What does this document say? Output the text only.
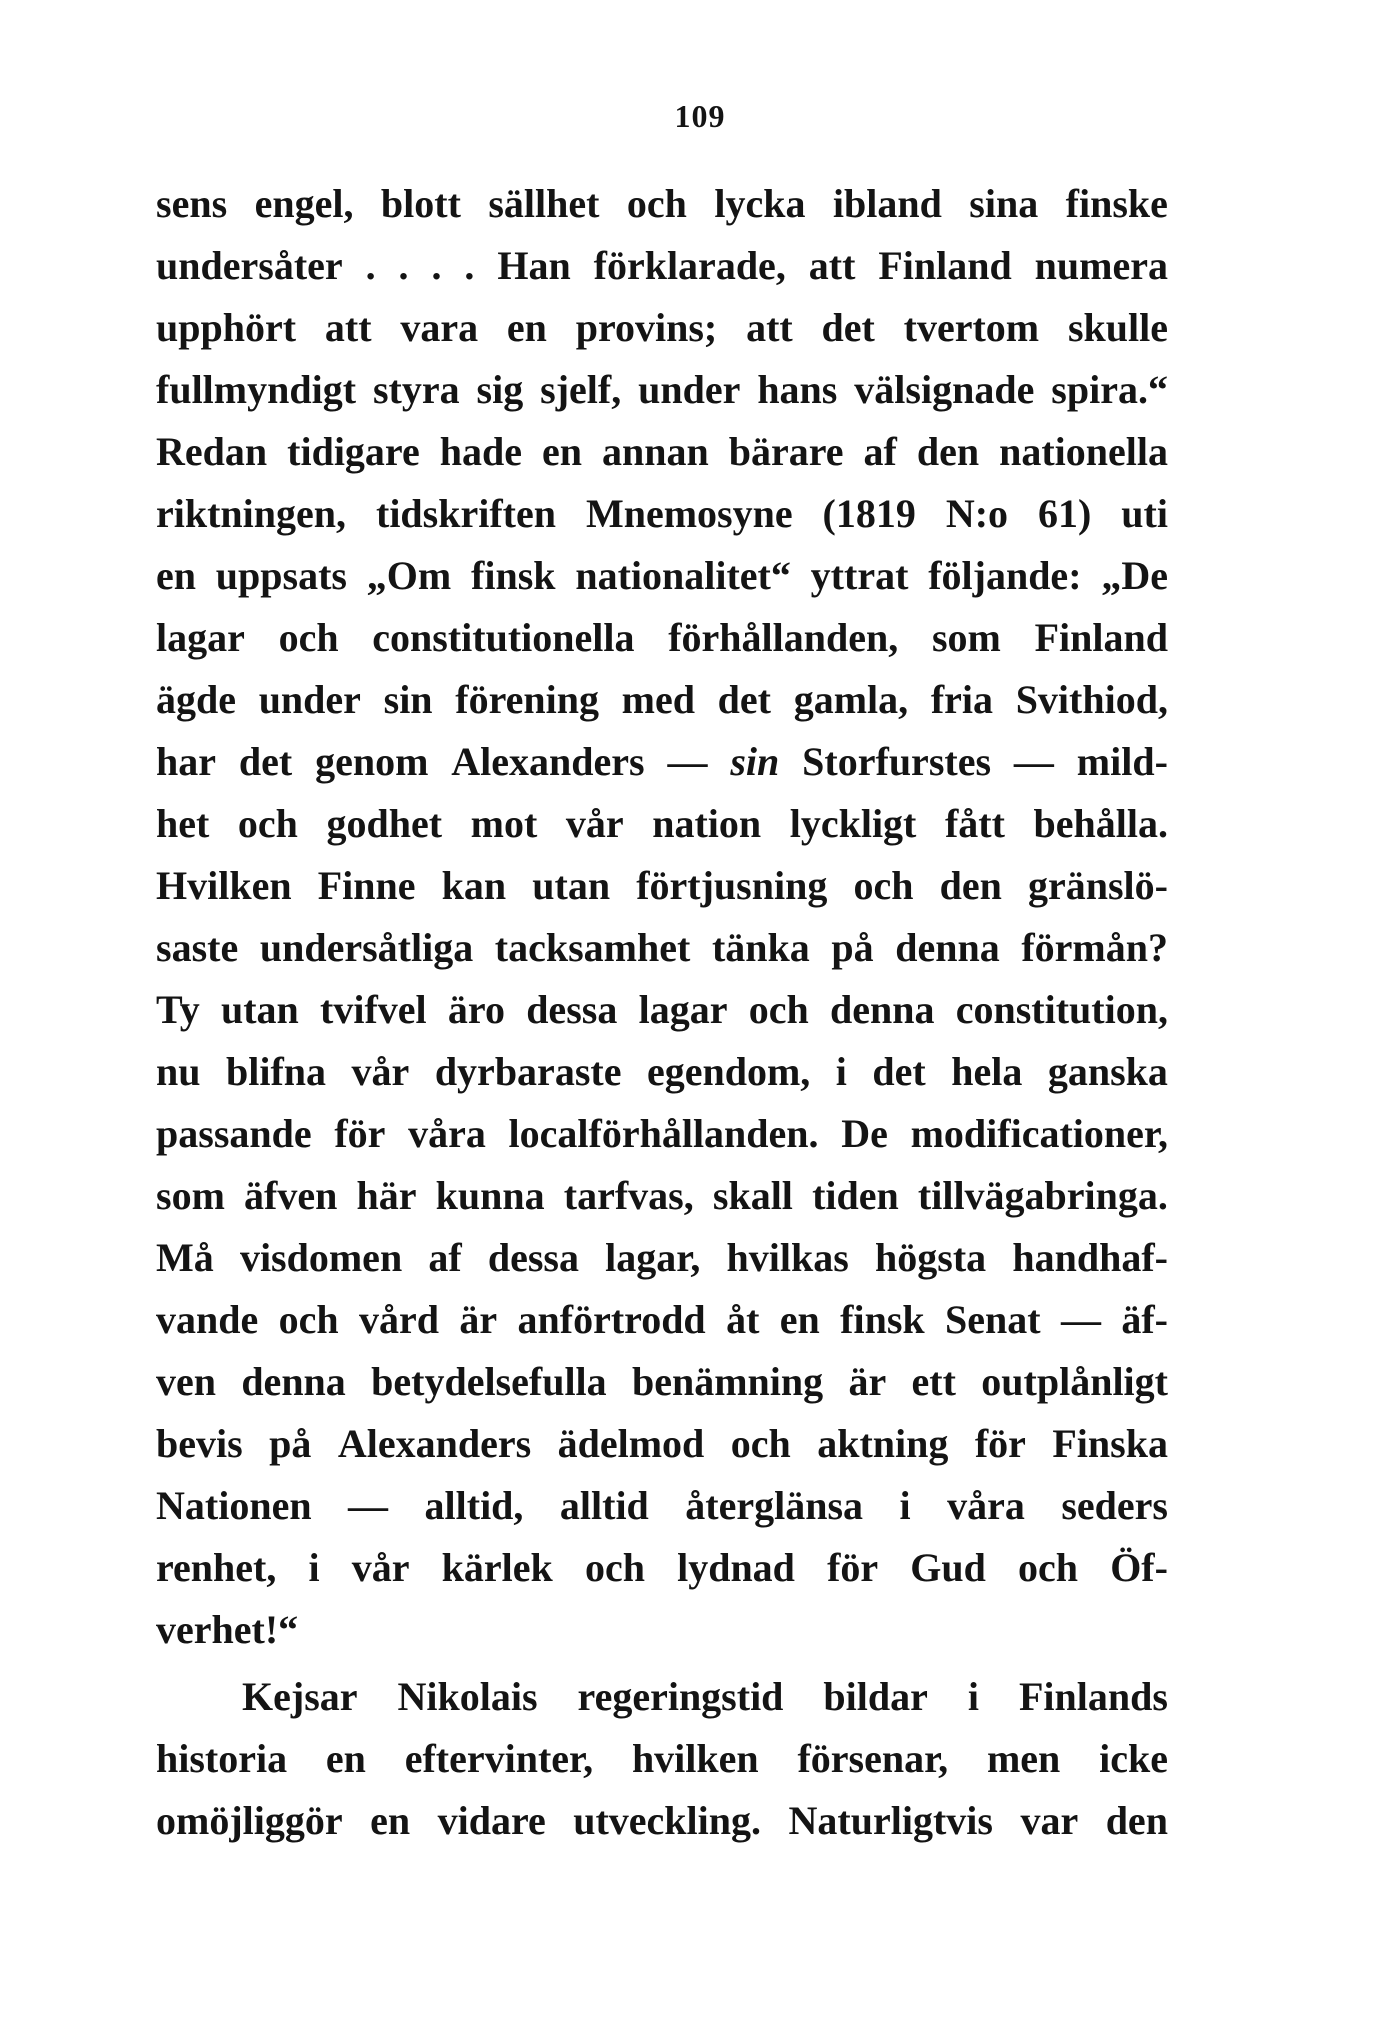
109
sens engel, blott sällhet och lycka ibland sina finske
undersåter . . . . Han förklarade, att Finland numera
upphört att vara en provins; att det tvertom skulle
fullmyndigt styra sig sjelf, under hans välsignade spira.“
Redan tidigare hade en annan bärare af den nationella
riktningen, tidskriften Mnemosyne (1819 N:o 61) uti
en uppsats „Om finsk nationalitet“ yttrat följande: „De
lagar och constitutionella förhållanden, som Finland
ägde under sin förening med det gamla, fria Svithiod,
har det genom Alexanders — sin Storfurstes — mild-
het och godhet mot vår nation lyckligt fått behålla.
Hvilken Finne kan utan förtjusning och den gränslö-
saste undersåtliga tacksamhet tänka på denna förmån?
Ty utan tvifvel äro dessa lagar och denna constitution,
nu blifna vår dyrbaraste egendom, i det hela ganska
passande för våra localförhållanden. De modificationer,
som äfven här kunna tarfvas, skall tiden tillvägabringa.
Må visdomen af dessa lagar, hvilkas högsta handhaf-
vande och vård är anförtrodd åt en finsk Senat — äf-
ven denna betydelsefulla benämning är ett outplånligt
bevis på Alexanders ädelmod och aktning för Finska
Nationen — alltid, alltid återglänsa i våra seders
renhet, i vår kärlek och lydnad för Gud och Öf-
verhet!“
Kejsar Nikolais regeringstid bildar i Finlands
historia en eftervinter, hvilken försenar, men icke
omöjliggör en vidare utveckling. Naturligtvis var den
